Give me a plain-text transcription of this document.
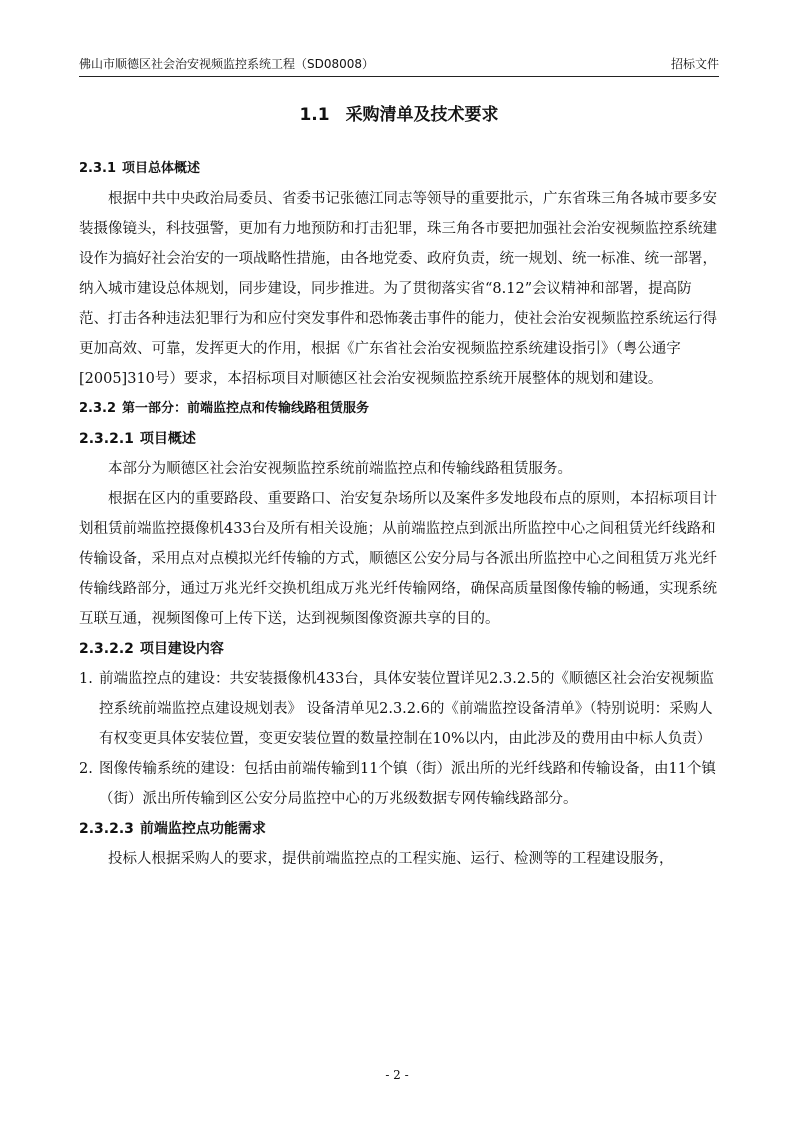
佛山市顺德区社会治安视频监控系统工程（SD08008）	招标文件
1.1 采购清单及技术要求
2.3.1 项目总体概述

根据中共中央政治局委员、省委书记张德江同志等领导的重要批示，广东省珠三角各城市要多安装摄像镜头，科技强警，更加有力地预防和打击犯罪，珠三角各市要把加强社会治安视频监控系统建设作为搞好社会治安的一项战略性措施，由各地党委、政府负责，统一规划、统一标准、统一部署，纳入城市建设总体规划，同步建设，同步推进。为了贯彻落实省“8.12”会议精神和部署，提高防范、打击各种违法犯罪行为和应付突发事件和恐怖袭击事件的能力，使社会治安视频监控系统运行得更加高效、可靠，发挥更大的作用，根据《广东省社会治安视频监控系统建设指引》（粤公通字[2005]310号）要求，本招标项目对顺德区社会治安视频监控系统开展整体的规划和建设。

2.3.2 第一部分：前端监控点和传输线路租赁服务
2.3.2.1 项目概述

本部分为顺德区社会治安视频监控系统前端监控点和传输线路租赁服务。

根据在区内的重要路段、重要路口、治安复杂场所以及案件多发地段布点的原则，本招标项目计划租赁前端监控摄像机433台及所有相关设施；从前端监控点到派出所监控中心之间租赁光纤线路和传输设备，采用点对点模拟光纤传输的方式，顺德区公安分局与各派出所监控中心之间租赁万兆光纤传输线路部分，通过万兆光纤交换机组成万兆光纤传输网络，确保高质量图像传输的畅通，实现系统互联互通，视频图像可上传下送，达到视频图像资源共享的目的。

2.3.2.2 项目建设内容
1. 前端监控点的建设：共安装摄像机433台，具体安装位置详见2.3.2.5的《顺德区社会治安视频监控系统前端监控点建设规划表》 设备清单见2.3.2.6的《前端监控设备清单》（特别说明：采购人有权变更具体安装位置，变更安装位置的数量控制在10%以内，由此涉及的费用由中标人负责）
2. 图像传输系统的建设：包括由前端传输到11个镇（街）派出所的光纤线路和传输设备，由11个镇（街）派出所传输到区公安分局监控中心的万兆级数据专网传输线路部分。
2.3.2.3 前端监控点功能需求

投标人根据采购人的要求，提供前端监控点的工程实施、运行、检测等的工程建设服务，

- 2 -
